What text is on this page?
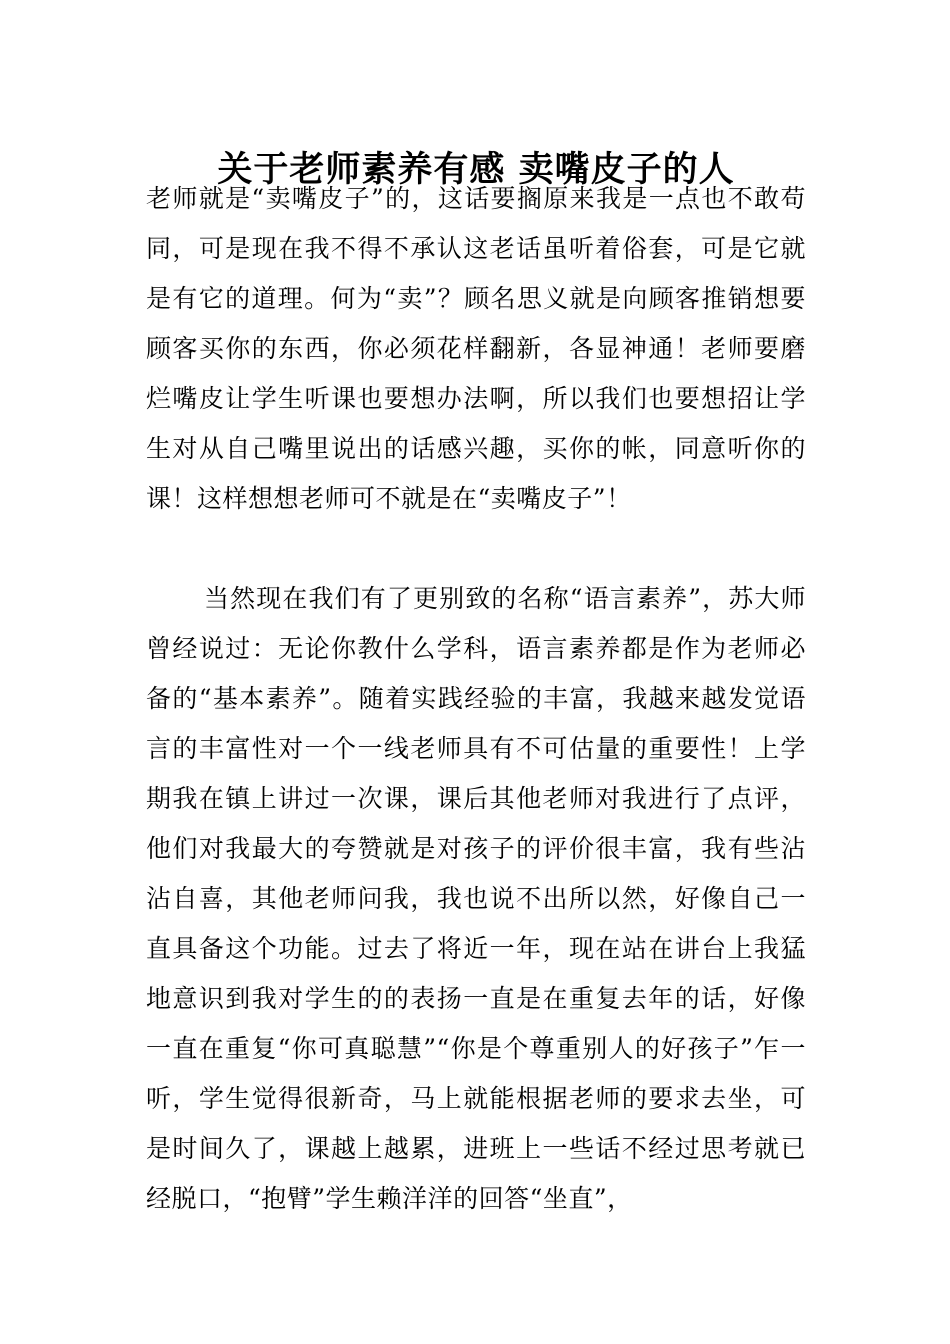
关于老师素养有感 卖嘴皮子的人

老师就是“卖嘴皮子”的，这话要搁原来我是一点也不敢苟同，可是现在我不得不承认这老话虽听着俗套，可是它就是有它的道理。何为“卖”？顾名思义就是向顾客推销想要顾客买你的东西，你必须花样翻新，各显神通！老师要磨烂嘴皮让学生听课也要想办法啊，所以我们也要想招让学生对从自己嘴里说出的话感兴趣，买你的帐，同意听你的课！这样想想老师可不就是在“卖嘴皮子”！

当然现在我们有了更别致的名称“语言素养”，苏大师曾经说过：无论你教什么学科，语言素养都是作为老师必备的“基本素养”。随着实践经验的丰富，我越来越发觉语言的丰富性对一个一线老师具有不可估量的重要性！上学期我在镇上讲过一次课，课后其他老师对我进行了点评，他们对我最大的夸赞就是对孩子的评价很丰富，我有些沾沾自喜，其他老师问我，我也说不出所以然，好像自己一直具备这个功能。过去了将近一年，现在站在讲台上我猛地意识到我对学生的的表扬一直是在重复去年的话，好像一直在重复“你可真聪慧”“你是个尊重别人的好孩子”乍一听，学生觉得很新奇，马上就能根据老师的要求去坐，可是时间久了，课越上越累，进班上一些话不经过思考就已经脱口，“抱臂”学生赖洋洋的回答“坐直”，
